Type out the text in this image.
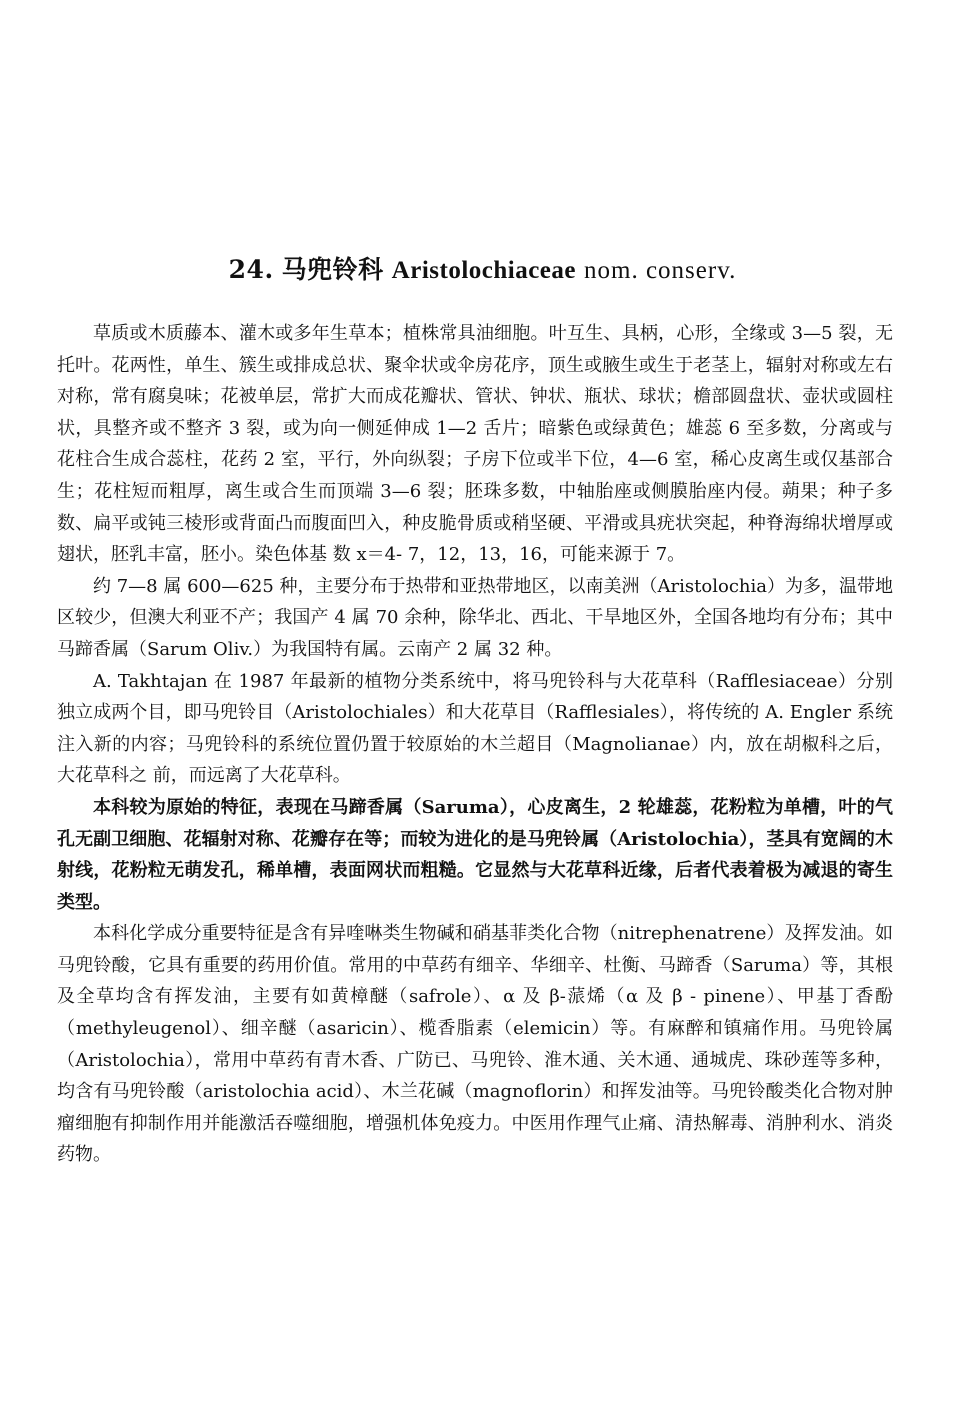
24. 马兜铃科 Aristolochiaceae nom. conserv.

草质或木质藤本、灌木或多年生草本；植株常具油细胞。叶互生、具柄，心形，全缘或 3—5 裂，无托叶。花两性，单生、簇生或排成总状、聚伞状或伞房花序，顶生或腋生或生于老茎上，辐射对称或左右对称，常有腐臭味；花被单层，常扩大而成花瓣状、管状、钟状、瓶状、球状；檐部圆盘状、壶状或圆柱状，具整齐或不整齐 3 裂，或为向一侧延伸成 1—2 舌片；暗紫色或绿黄色；雄蕊 6 至多数，分离或与花柱合生成合蕊柱，花药 2 室，平行，外向纵裂；子房下位或半下位，4—6 室，稀心皮离生或仅基部合生；花柱短而粗厚，离生或合生而顶端 3—6 裂；胚珠多数，中轴胎座或侧膜胎座内侵。蒴果；种子多数、扁平或钝三棱形或背面凸而腹面凹入，种皮脆骨质或稍坚硬、平滑或具疣状突起，种脊海绵状增厚或翅状，胚乳丰富，胚小。染色体基 数 x＝4- 7，12，13，16，可能来源于 7。

约 7—8 属 600—625 种，主要分布于热带和亚热带地区，以南美洲（Aristolochia）为多，温带地区较少，但澳大利亚不产；我国产 4 属 70 余种，除华北、西北、干旱地区外，全国各地均有分布；其中马蹄香属（Sarum Oliv.）为我国特有属。云南产 2 属 32 种。

A. Takhtajan 在 1987 年最新的植物分类系统中，将马兜铃科与大花草科（Rafflesiaceae）分别独立成两个目，即马兜铃目（Aristolochiales）和大花草目（Rafflesiales），将传统的 A. Engler 系统注入新的内容；马兜铃科的系统位置仍置于较原始的木兰超目（Magnolianae）内，放在胡椒科之后，大花草科之 前，而远离了大花草科。

本科较为原始的特征，表现在马蹄香属（Saruma），心皮离生，2 轮雄蕊，花粉粒为单槽，叶的气孔无副卫细胞、花辐射对称、花瓣存在等；而较为进化的是马兜铃属（Aristolochia），茎具有宽阔的木射线，花粉粒无萌发孔，稀单槽，表面网状而粗糙。它显然与大花草科近缘，后者代表着极为减退的寄生类型。

本科化学成分重要特征是含有异喹啉类生物碱和硝基菲类化合物（nitrephenatrene）及挥发油。如马兜铃酸，它具有重要的药用价值。常用的中草药有细辛、华细辛、杜衡、马蹄香（Saruma）等，其根及全草均含有挥发油，主要有如黄樟醚（safrole）、α 及 β-蒎烯（α 及 β - pinene）、甲基丁香酚（methyleugenol）、细辛醚（asaricin）、榄香脂素（elemicin）等。有麻醉和镇痛作用。马兜铃属（Aristolochia），常用中草药有青木香、广防已、马兜铃、淮木通、关木通、通城虎、珠砂莲等多种，均含有马兜铃酸（aristolochia acid）、木兰花碱（magnoflorin）和挥发油等。马兜铃酸类化合物对肿瘤细胞有抑制作用并能激活吞噬细胞，增强机体免疫力。中医用作理气止痛、清热解毒、消肿利水、消炎药物。
